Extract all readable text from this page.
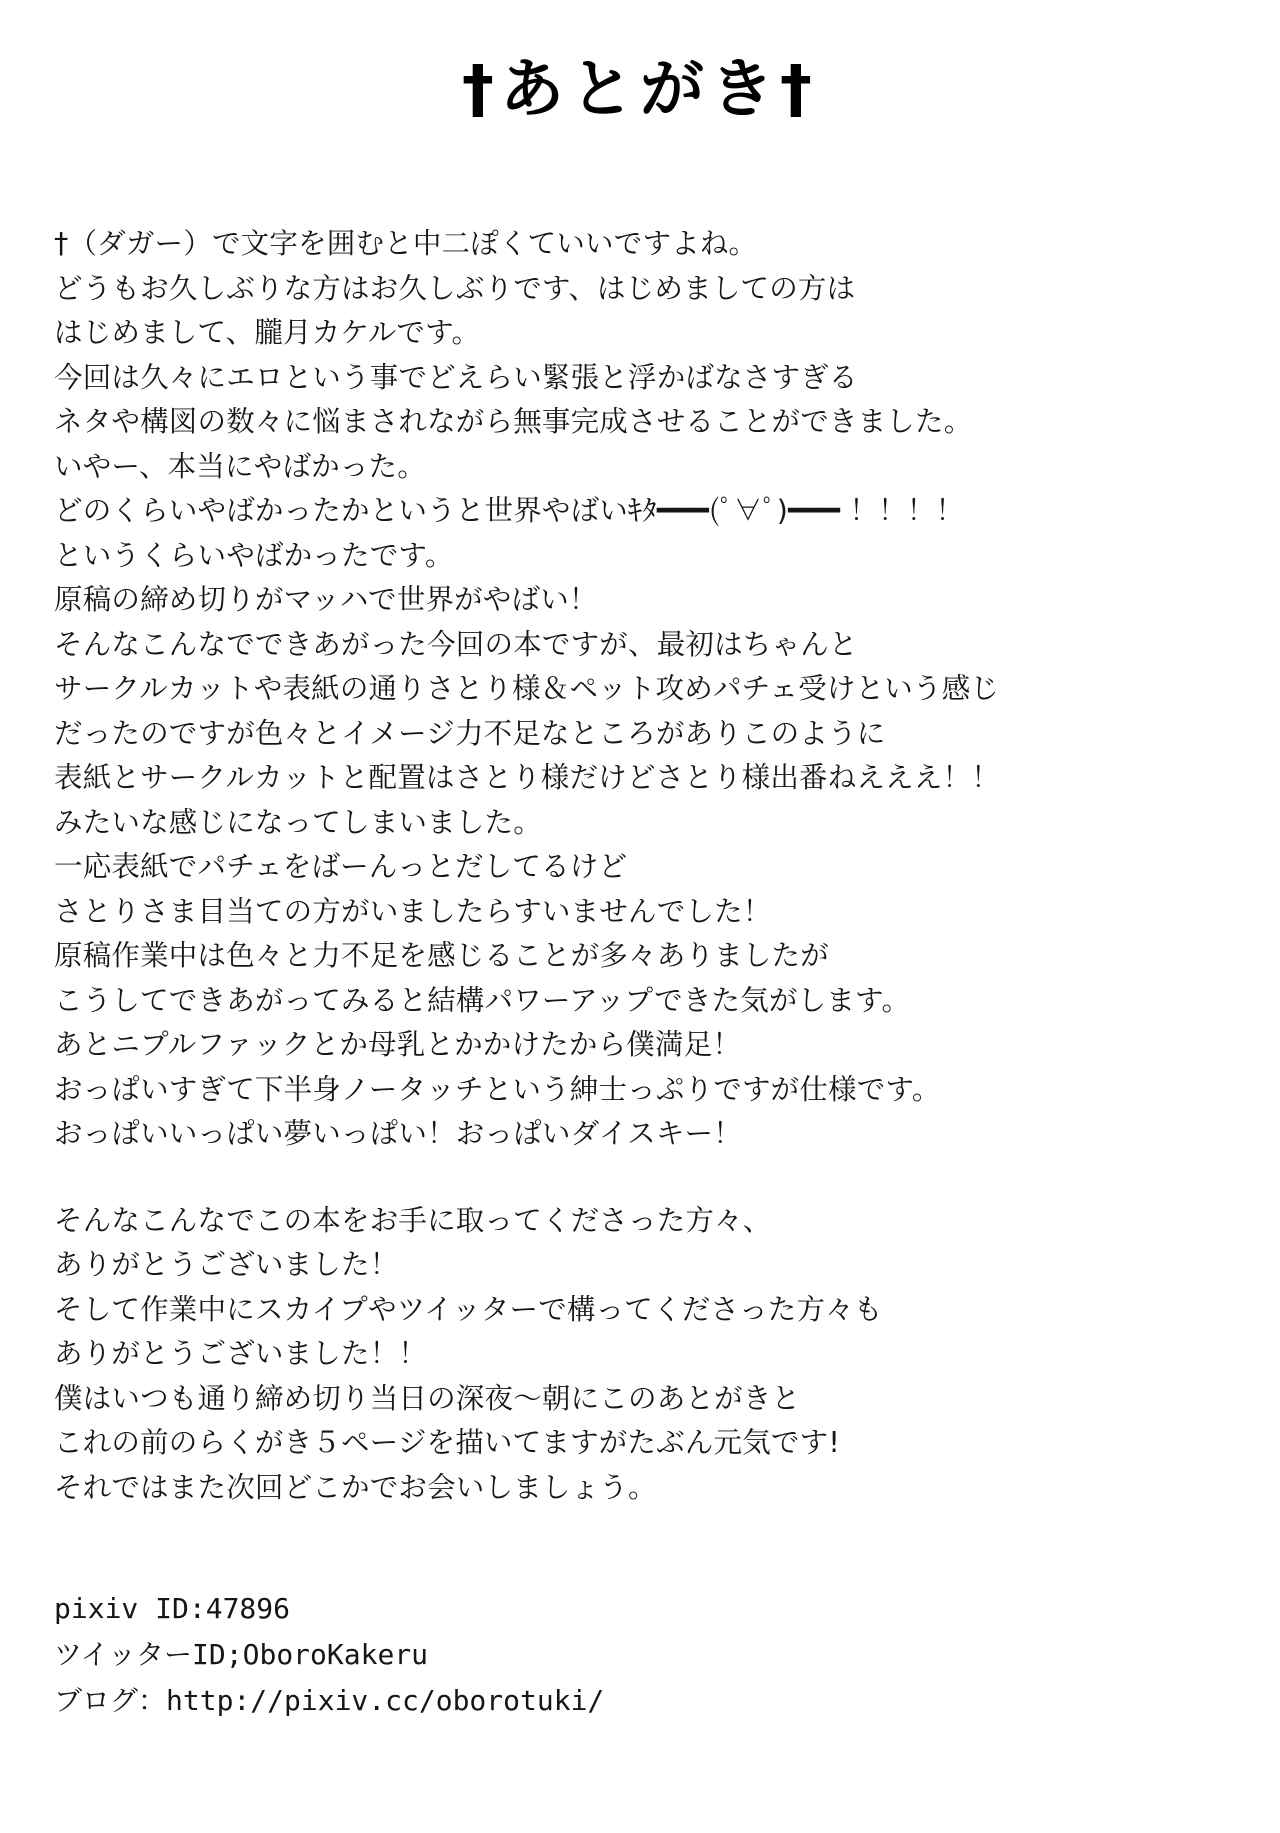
†あとがき†
†（ダガー）で文字を囲むと中二ぽくていいですよね。
どうもお久しぶりな方はお久しぶりです、はじめましての方は
はじめまして、朧月カケルです。
今回は久々にエロという事でどえらい緊張と浮かばなさすぎる
ネタや構図の数々に悩まされながら無事完成させることができました。
いやー、本当にやばかった。
どのくらいやばかったかというと世界やばいｷﾀ━━━(ﾟ∀ﾟ)━━━ ！！！！
というくらいやばかったです。
原稿の締め切りがマッハで世界がやばい！
そんなこんなでできあがった今回の本ですが、最初はちゃんと
サークルカットや表紙の通りさとり様＆ペット攻めパチェ受けという感じ
だったのですが色々とイメージ力不足なところがありこのように
表紙とサークルカットと配置はさとり様だけどさとり様出番ねえええ！！
みたいな感じになってしまいました。
一応表紙でパチェをばーんっとだしてるけど
さとりさま目当ての方がいましたらすいませんでした！
原稿作業中は色々と力不足を感じることが多々ありましたが
こうしてできあがってみると結構パワーアップできた気がします。
あとニプルファックとか母乳とかかけたから僕満足！
おっぱいすぎて下半身ノータッチという紳士っぷりですが仕様です。
おっぱいいっぱい夢いっぱい！おっぱいダイスキー！
そんなこんなでこの本をお手に取ってくださった方々、
ありがとうございました！
そして作業中にスカイプやツイッターで構ってくださった方々も
ありがとうございました！！
僕はいつも通り締め切り当日の深夜～朝にこのあとがきと
これの前のらくがき５ページを描いてますがたぶん元気です!
それではまた次回どこかでお会いしましょう。
pixiv ID:47896
ツイッターID;OboroKakeru
ブログ：http://pixiv.cc/oborotuki/
